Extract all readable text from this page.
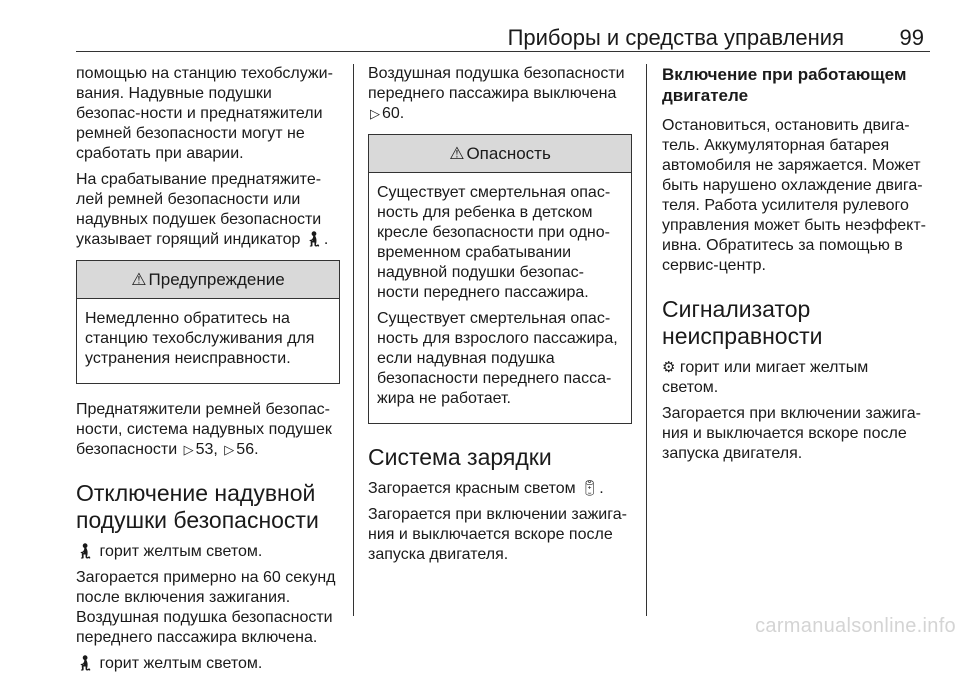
Приборы и средства управления	99

помощью на станцию техобслужи-вания. Надувные подушки безопас-ности и преднатяжители ремней безопасности могут не сработать при аварии.

На срабатывание преднатяжите-лей ремней безопасности или надувных подушек безопасности указывает горящий индикатор 🧎︎.

⚠ Предупреждение

Немедленно обратитесь на станцию техобслуживания для устранения неисправности.

Преднатяжители ремней безопас-ности, система надувных подушек безопасности ▷ 53, ▷ 56.

Отключение надувной подушки безопасности

🧎︎ горит желтым светом.

Загорается примерно на 60 секунд после включения зажигания. Воздушная подушка безопасности переднего пассажира включена.

🧎︎ горит желтым светом.

Воздушная подушка безопасности переднего пассажира выключена ▷ 60.

⚠ Опасность

Существует смертельная опас-ность для ребенка в детском кресле безопасности при одно-временном срабатывании надувной подушки безопас-ности переднего пассажира.

Существует смертельная опас-ность для взрослого пассажира, если надувная подушка безопасности переднего пасса-жира не работает.

Система зарядки

Загорается красным светом 🔋︎.

Загорается при включении зажига-ния и выключается вскоре после запуска двигателя.

Включение при работающем двигателе

Остановиться, остановить двига-тель. Аккумуляторная батарея автомобиля не заряжается. Может быть нарушено охлаждение двига-теля. Работа усилителя рулевого управления может быть неэффект-ивна. Обратитесь за помощью в сервис-центр.

Сигнализатор неисправности

⚙︎ горит или мигает желтым светом.

Загорается при включении зажига-ния и выключается вскоре после запуска двигателя.

carmanualsonline.info
